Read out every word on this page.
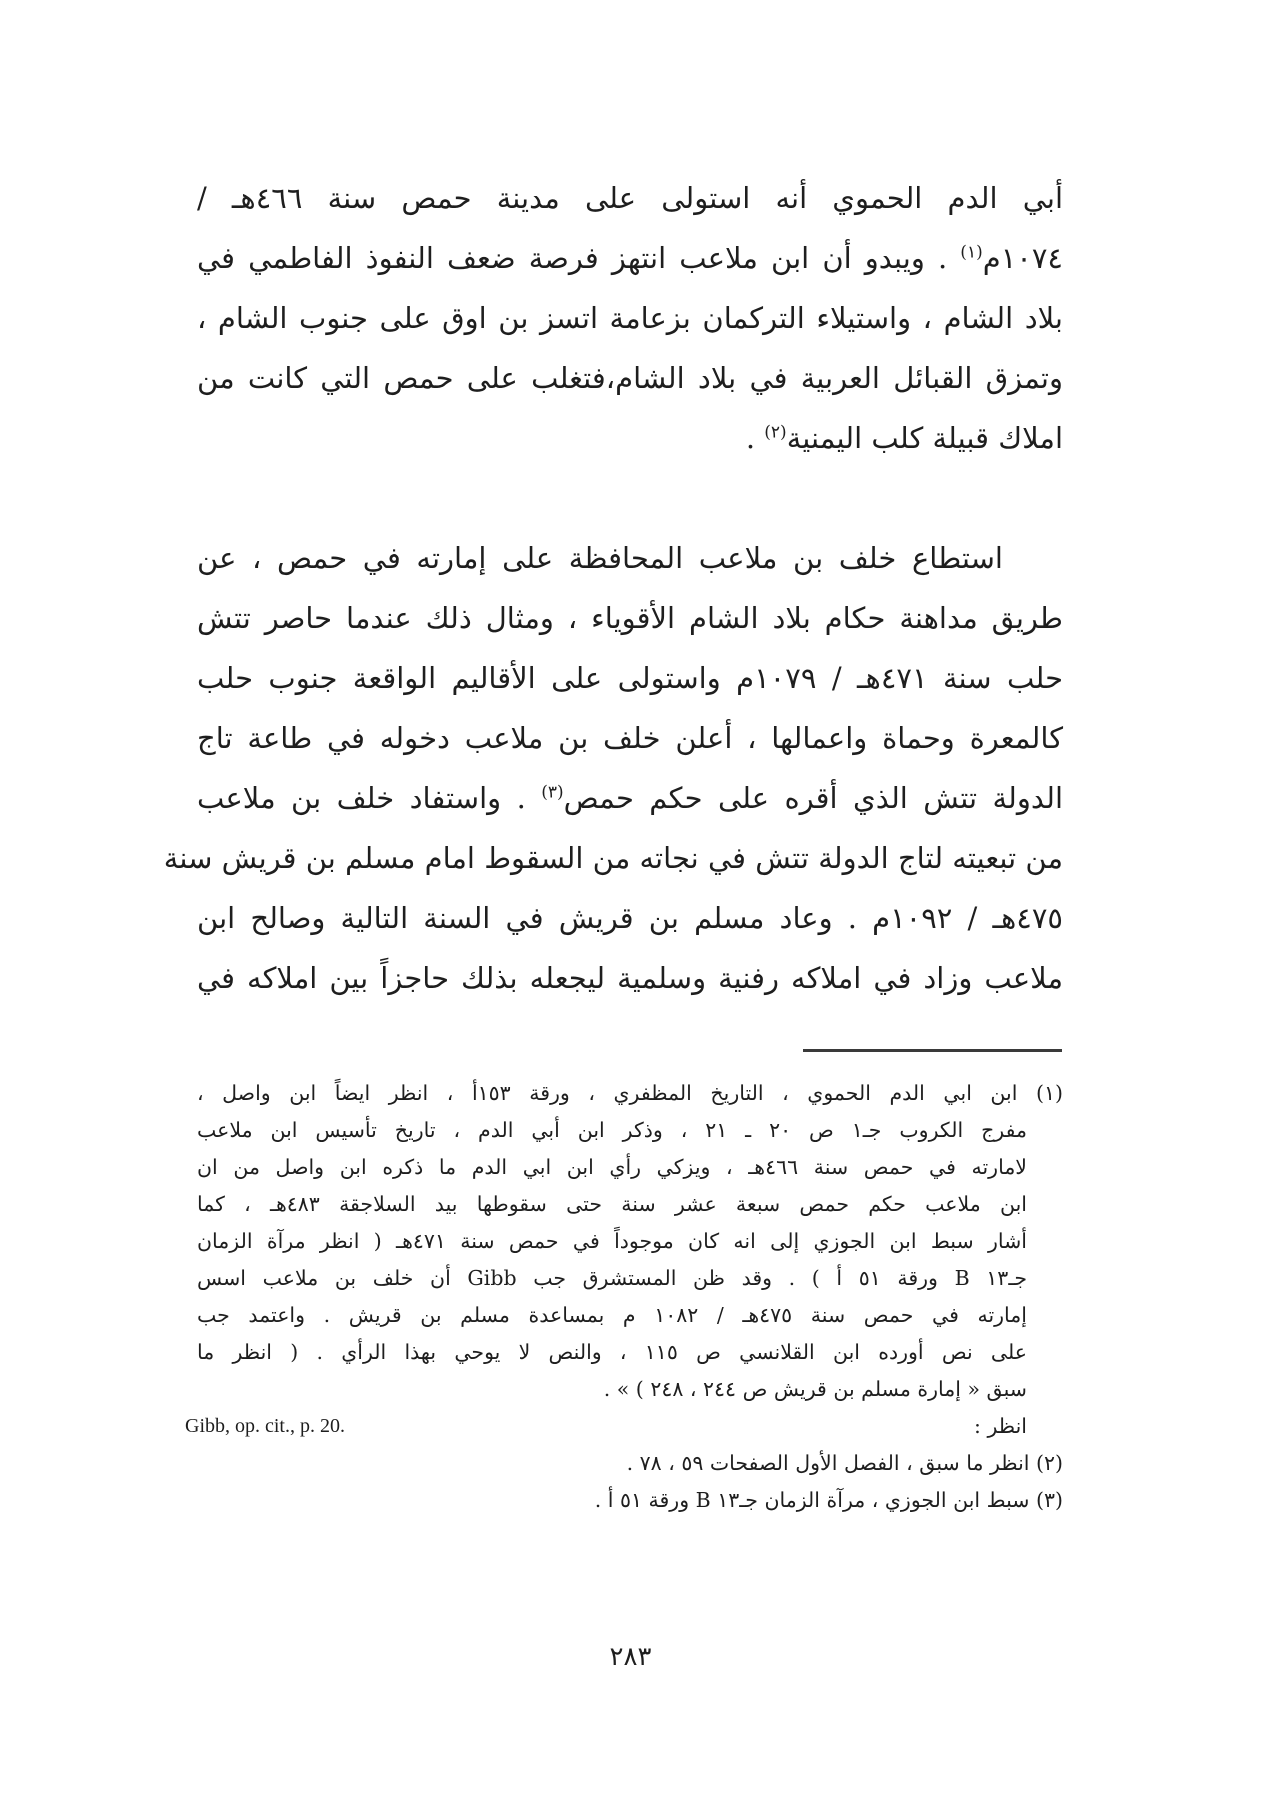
أبي الدم الحموي أنه استولى على مدينة حمص سنة ٤٦٦هـ /
١٠٧٤م$^{(١)}$ . ويبدو أن ابن ملاعب انتهز فرصة ضعف النفوذ الفاطمي في
بلاد الشام ، واستيلاء التركمان بزعامة اتسز بن اوق على جنوب الشام ،
وتمزق القبائل العربية في بلاد الشام،فتغلب على حمص التي كانت من
املاك قبيلة كلب اليمنية$^{(٢)}$ .
استطاع خلف بن ملاعب المحافظة على إمارته في حمص ، عن
طريق مداهنة حكام بلاد الشام الأقوياء ، ومثال ذلك عندما حاصر تتش
حلب سنة ٤٧١هـ / ١٠٧٩م واستولى على الأقاليم الواقعة جنوب حلب
كالمعرة وحماة واعمالها ، أعلن خلف بن ملاعب دخوله في طاعة تاج
الدولة تتش الذي أقره على حكم حمص$^{(٣)}$ . واستفاد خلف بن ملاعب
من تبعيته لتاج الدولة تتش في نجاته من السقوط امام مسلم بن قريش سنة
٤٧٥هـ / ١٠٩٢م . وعاد مسلم بن قريش في السنة التالية وصالح ابن
ملاعب وزاد في املاكه رفنية وسلمية ليجعله بذلك حاجزاً بين املاكه في
(١) ابن ابي الدم الحموي ، التاريخ المظفري ، ورقة ١٥٣أ ، انظر ايضاً ابن واصل ،
مفرج الكروب جـ١ ص ٢٠ ـ ٢١ ، وذكر ابن أبي الدم ، تاريخ تأسيس ابن ملاعب
لامارته في حمص سنة ٤٦٦هـ ، ويزكي رأي ابن ابي الدم ما ذكره ابن واصل من ان
ابن ملاعب حكم حمص سبعة عشر سنة حتى سقوطها بيد السلاجقة ٤٨٣هـ ، كما
أشار سبط ابن الجوزي إلى انه كان موجوداً في حمص سنة ٤٧١هـ ( انظر مرآة الزمان
جـ١٣ B ورقة ٥١ أ ) . وقد ظن المستشرق جب Gibb أن خلف بن ملاعب اسس
إمارته في حمص سنة ٤٧٥هـ / ١٠٨٢ م بمساعدة مسلم بن قريش . واعتمد جب
على نص أورده ابن القلانسي ص ١١٥ ، والنص لا يوحي بهذا الرأي . ( انظر ما
سبق « إمارة مسلم بن قريش ص ٢٤٤ ، ٢٤٨ ) » .
انظر :
Gibb, op. cit., p. 20.
(٢) انظر ما سبق ، الفصل الأول الصفحات ٥٩ ، ٧٨ .
(٣) سبط ابن الجوزي ، مرآة الزمان جـ١٣ B ورقة ٥١ أ .
٢٨٣
